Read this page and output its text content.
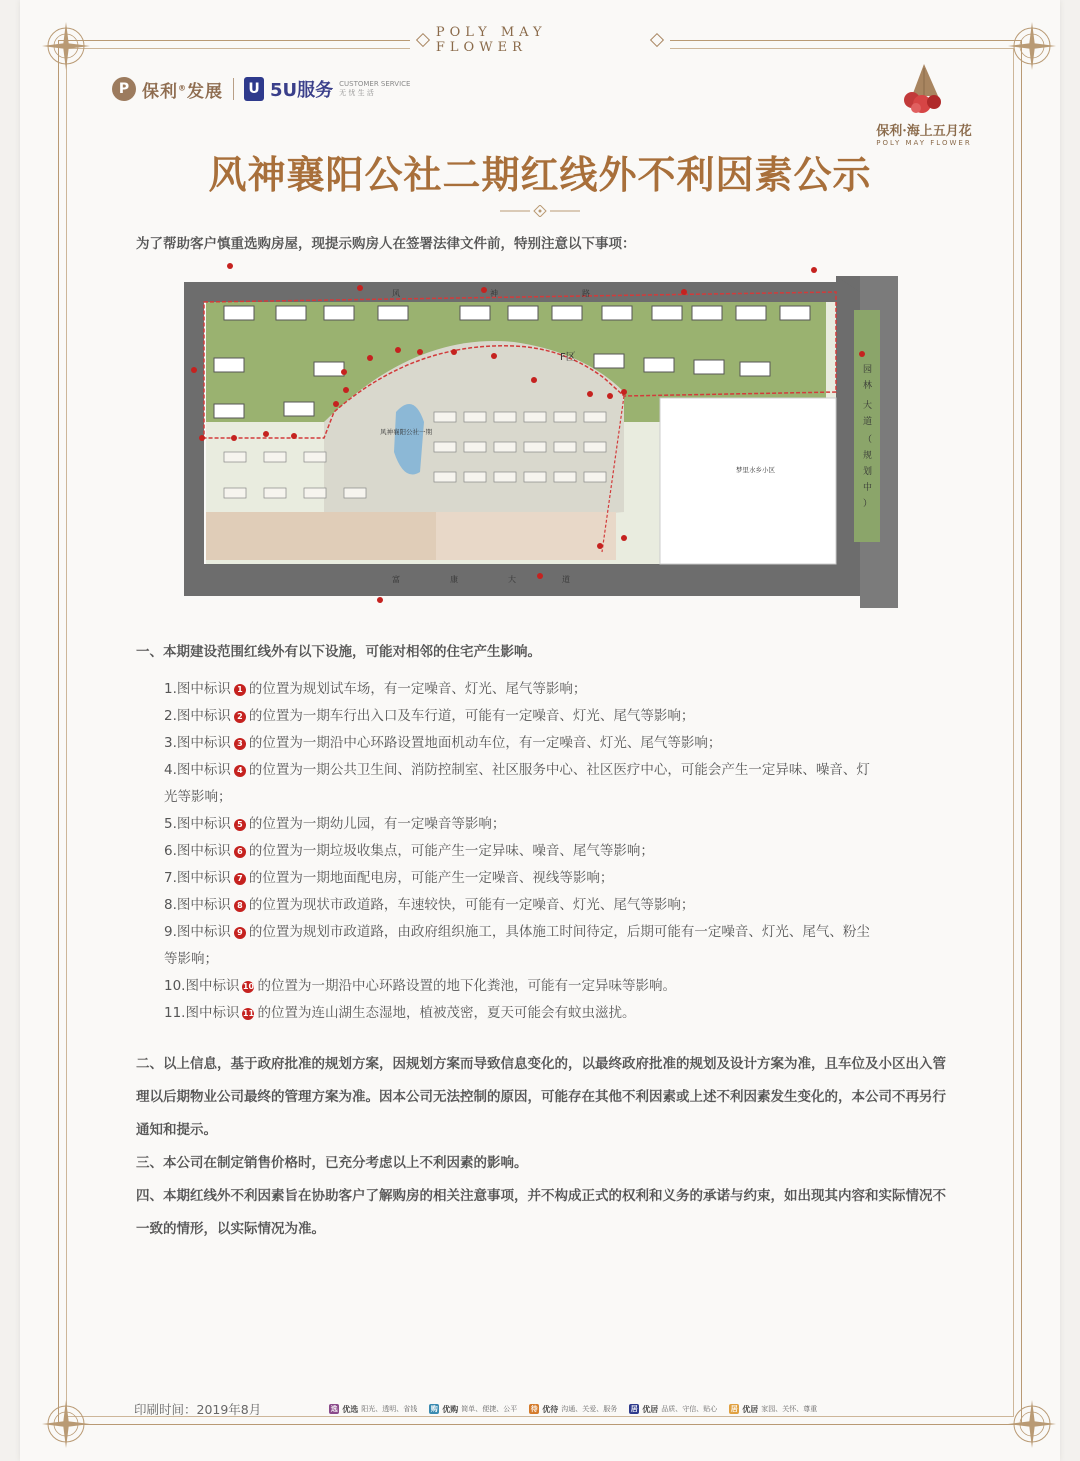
POLY MAY FLOWER
P 保利®发展	U 5U服务 CUSTOMER SERVICE
无 忧 生 活
保利·海上五月花
POLY MAY FLOWER
风神襄阳公社二期红线外不利因素公示
为了帮助客户慎重选购房屋，现提示购房人在签署法律文件前，特别注意以下事项：
风	神	路
富	康	大	道
F区
风神襄阳公社一期
梦里水乡小区
园
林
大
道
（
规
划
中
）
一、本期建设范围红线外有以下设施，可能对相邻的住宅产生影响。
1.图中标识 1 的位置为规划试车场，有一定噪音、灯光、尾气等影响；
2.图中标识 2 的位置为一期车行出入口及车行道，可能有一定噪音、灯光、尾气等影响；
3.图中标识 3 的位置为一期沿中心环路设置地面机动车位，有一定噪音、灯光、尾气等影响；
4.图中标识 4 的位置为一期公共卫生间、消防控制室、社区服务中心、社区医疗中心，可能会产生一定异味、噪音、灯
光等影响；
5.图中标识 5 的位置为一期幼儿园，有一定噪音等影响；
6.图中标识 6 的位置为一期垃圾收集点，可能产生一定异味、噪音、尾气等影响；
7.图中标识 7 的位置为一期地面配电房，可能产生一定噪音、视线等影响；
8.图中标识 8 的位置为现状市政道路，车速较快，可能有一定噪音、灯光、尾气等影响；
9.图中标识 9 的位置为规划市政道路，由政府组织施工，具体施工时间待定，后期可能有一定噪音、灯光、尾气、粉尘
等影响；
10.图中标识 10 的位置为一期沿中心环路设置的地下化粪池，可能有一定异味等影响。
11.图中标识 11 的位置为连山湖生态湿地，植被茂密，夏天可能会有蚊虫滋扰。
二、以上信息，基于政府批准的规划方案，因规划方案而导致信息变化的，以最终政府批准的规划及设计方案为准，且车位及小区出入管理以后期物业公司最终的管理方案为准。因本公司无法控制的原因，可能存在其他不利因素或上述不利因素发生变化的，本公司不再另行通知和提示。
三、本公司在制定销售价格时，已充分考虑以上不利因素的影响。
四、本期红线外不利因素旨在协助客户了解购房的相关注意事项，并不构成正式的权利和义务的承诺与约束，如出现其内容和实际情况不一致的情形，以实际情况为准。
印刷时间：2019年8月	选 优选 阳光、透明、省钱 购 优购 简单、便捷、公平 待 优待 沟通、关爱、服务 居 优居 品质、守信、贴心 居 优居 家园、关怀、尊重
